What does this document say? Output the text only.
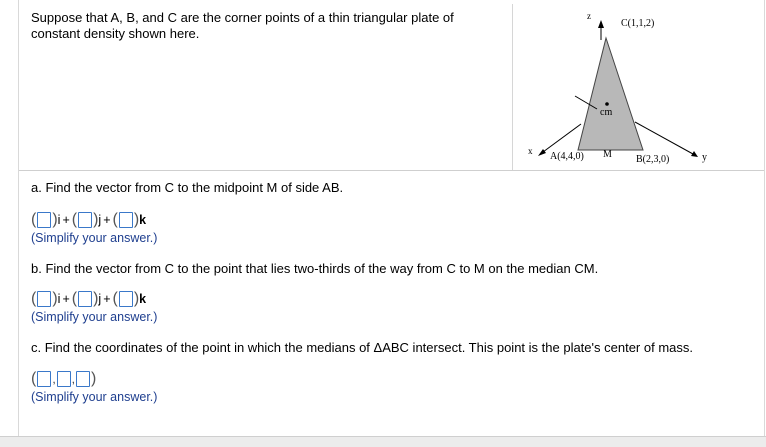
Suppose that A, B, and C are the corner points of a thin triangular plate of constant density shown here.
z
C(1,1,2)
cm
x A(4,4,0) M B(2,3,0)	y
a. Find the vector from C to the midpoint M of side AB.
( ) i + ( ) j + ( ) k
(Simplify your answer.)
b. Find the vector from C to the point that lies two-thirds of the way from C to M on the median CM.
( ) i + ( ) j + ( ) k
(Simplify your answer.)
c. Find the coordinates of the point in which the medians of ΔABC intersect. This point is the plate's center of mass.
( , , )
(Simplify your answer.)
